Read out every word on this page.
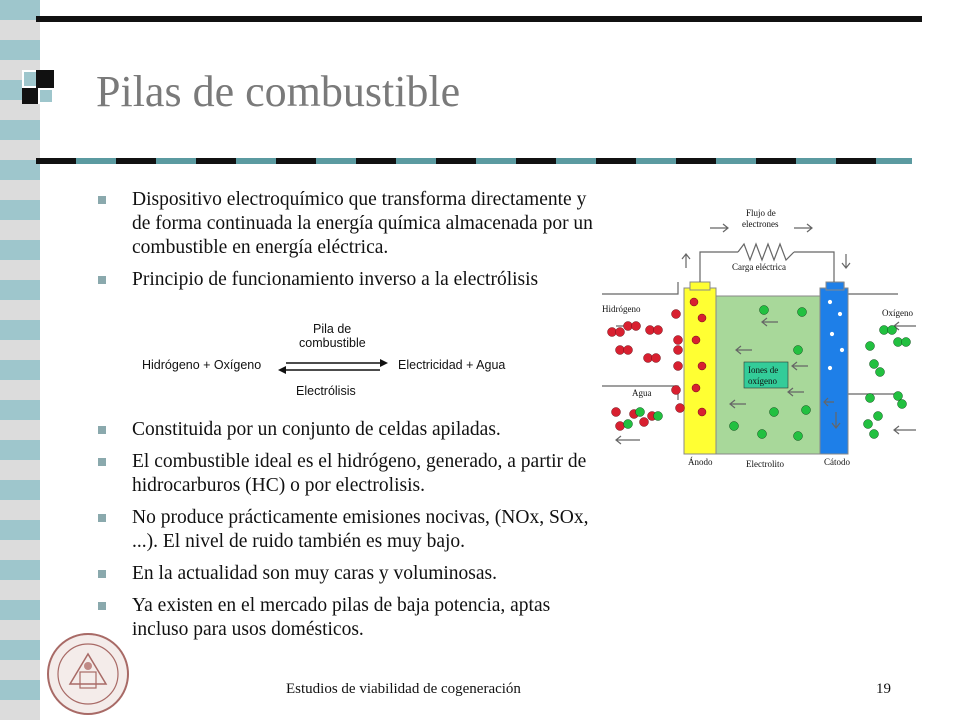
Pilas de combustible
Dispositivo electroquímico que transforma directamente y de forma continuada la energía química almacenada por un combustible en energía eléctrica.
Principio de funcionamiento inverso a la electrólisis
Hidrógeno + Oxígeno	Electricidad + Agua
Pila de
combustible
Electrólisis
Constituida por un conjunto de celdas apiladas.
El combustible ideal es el hidrógeno, generado, a partir de hidrocarburos (HC) o por electrolisis.
No produce prácticamente emisiones nocivas, (NOx, SOx, ...). El nivel de ruido también es muy bajo.
En la actualidad son muy caras y voluminosas.
Ya existen en el mercado pilas de baja potencia, aptas incluso para usos domésticos.
Flujo de
electrones
Carga eléctrica
Iones de
oxígeno
Hidrógeno	Oxígeno
Agua
Ánodo	Electrolito	Cátodo
Estudios de viabilidad de cogeneración	19
